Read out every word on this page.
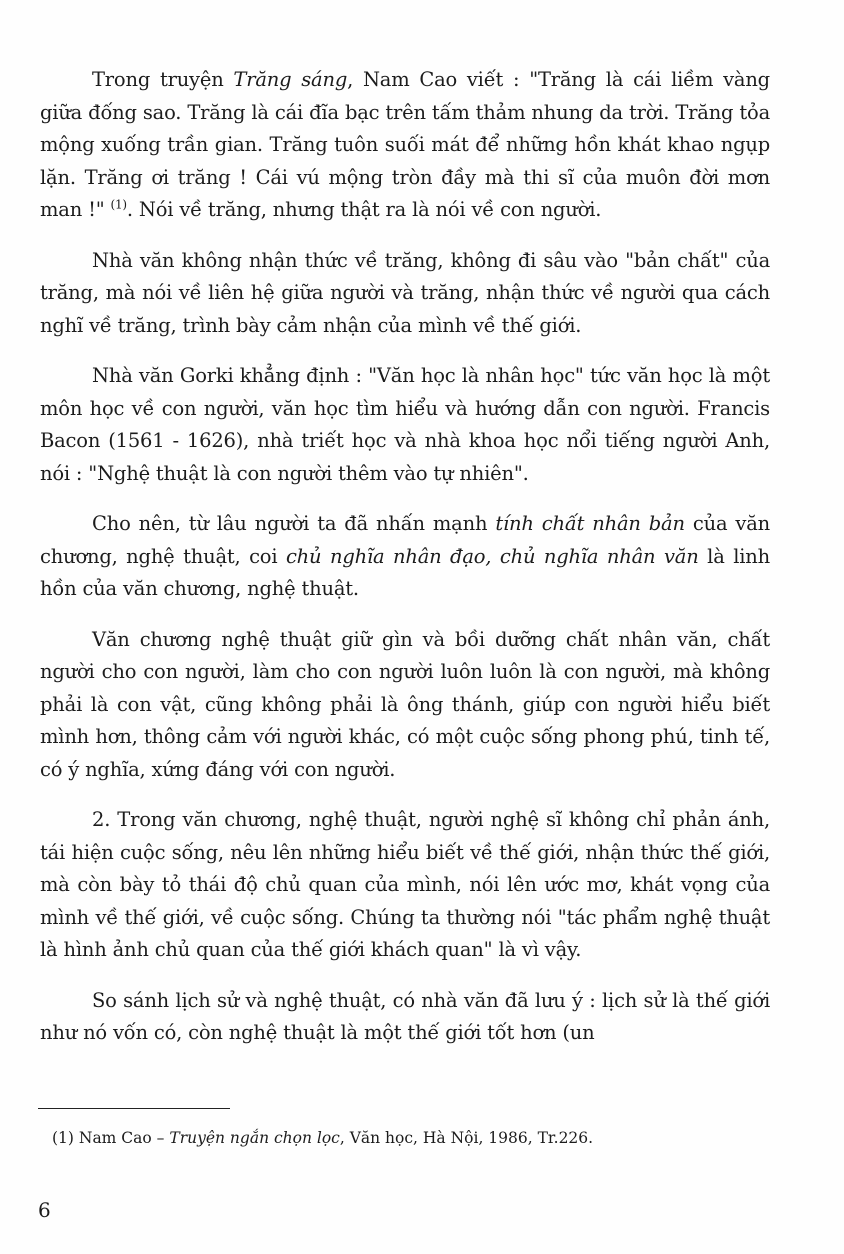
Trong truyện Trăng sáng, Nam Cao viết : "Trăng là cái liềm vàng giữa đống sao. Trăng là cái đĩa bạc trên tấm thảm nhung da trời. Trăng tỏa mộng xuống trần gian. Trăng tuôn suối mát để những hồn khát khao ngụp lặn. Trăng ơi trăng ! Cái vú mộng tròn đầy mà thi sĩ của muôn đời mơn man !" $^{(1)}$. Nói về trăng, nhưng thật ra là nói về con người.

Nhà văn không nhận thức về trăng, không đi sâu vào "bản chất" của trăng, mà nói về liên hệ giữa người và trăng, nhận thức về người qua cách nghĩ về trăng, trình bày cảm nhận của mình về thế giới.

Nhà văn Gorki khẳng định : "Văn học là nhân học" tức văn học là một môn học về con người, văn học tìm hiểu và hướng dẫn con người. Francis Bacon (1561 - 1626), nhà triết học và nhà khoa học nổi tiếng người Anh, nói : "Nghệ thuật là con người thêm vào tự nhiên".

Cho nên, từ lâu người ta đã nhấn mạnh tính chất nhân bản của văn chương, nghệ thuật, coi chủ nghĩa nhân đạo, chủ nghĩa nhân văn là linh hồn của văn chương, nghệ thuật.

Văn chương nghệ thuật giữ gìn và bồi dưỡng chất nhân văn, chất người cho con người, làm cho con người luôn luôn là con người, mà không phải là con vật, cũng không phải là ông thánh, giúp con người hiểu biết mình hơn, thông cảm với người khác, có một cuộc sống phong phú, tinh tế, có ý nghĩa, xứng đáng với con người.

2. Trong văn chương, nghệ thuật, người nghệ sĩ không chỉ phản ánh, tái hiện cuộc sống, nêu lên những hiểu biết về thế giới, nhận thức thế giới, mà còn bày tỏ thái độ chủ quan của mình, nói lên ước mơ, khát vọng của mình về thế giới, về cuộc sống. Chúng ta thường nói "tác phẩm nghệ thuật là hình ảnh chủ quan của thế giới khách quan" là vì vậy.

So sánh lịch sử và nghệ thuật, có nhà văn đã lưu ý : lịch sử là thế giới như nó vốn có, còn nghệ thuật là một thế giới tốt hơn (un

(1) Nam Cao – Truyện ngắn chọn lọc, Văn học, Hà Nội, 1986, Tr.226.
6
